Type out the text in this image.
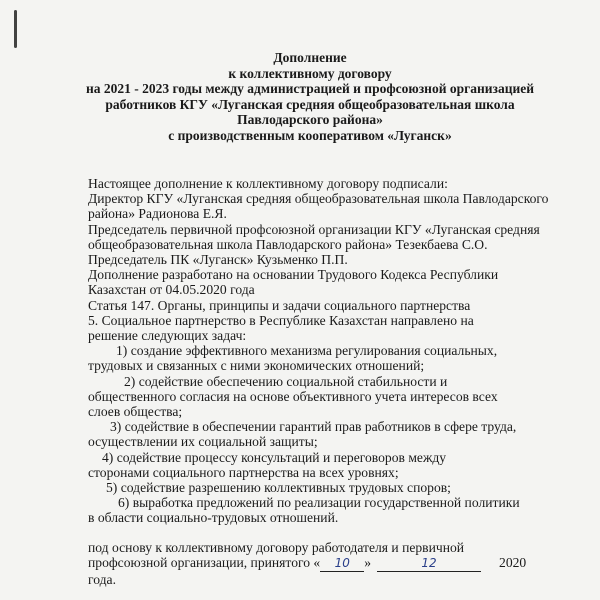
Дополнение
к коллективному договору
на 2021 - 2023 годы между администрацией и профсоюзной организацией
работников КГУ «Луганская средняя общеобразовательная школа
Павлодарского района»
с производственным кооперативом «Луганск»
Настоящее дополнение к коллективному договору подписали:
Директор КГУ «Луганская средняя общеобразовательная школа Павлодарского
района» Радионова Е.Я.
Председатель первичной профсоюзной организации КГУ «Луганская средняя
общеобразовательная школа Павлодарского района» Тезекбаева С.О.
Председатель ПК «Луганск» Кузьменко П.П.
Дополнение разработано на основании Трудового Кодекса Республики
Казахстан от 04.05.2020 года
Статья 147. Органы, принципы и задачи социального партнерства
5. Социальное партнерство в Республике Казахстан направлено на
решение следующих задач:
1) создание эффективного механизма регулирования социальных,
трудовых и связанных с ними экономических отношений;
2) содействие обеспечению социальной стабильности и
общественного согласия на основе объективного учета интересов всех
слоев общества;
3) содействие в обеспечении гарантий прав работников в сфере труда,
осуществлении их социальной защиты;
4) содействие процессу консультаций и переговоров между
сторонами социального партнерства на всех уровнях;
5) содействие разрешению коллективных трудовых споров;
6) выработка предложений по реализации государственной политики
в области социально-трудовых отношений.
под основу к коллективному договору работодателя и первичной
профсоюзной организации, принятого « 10 »	12	2020
года.
